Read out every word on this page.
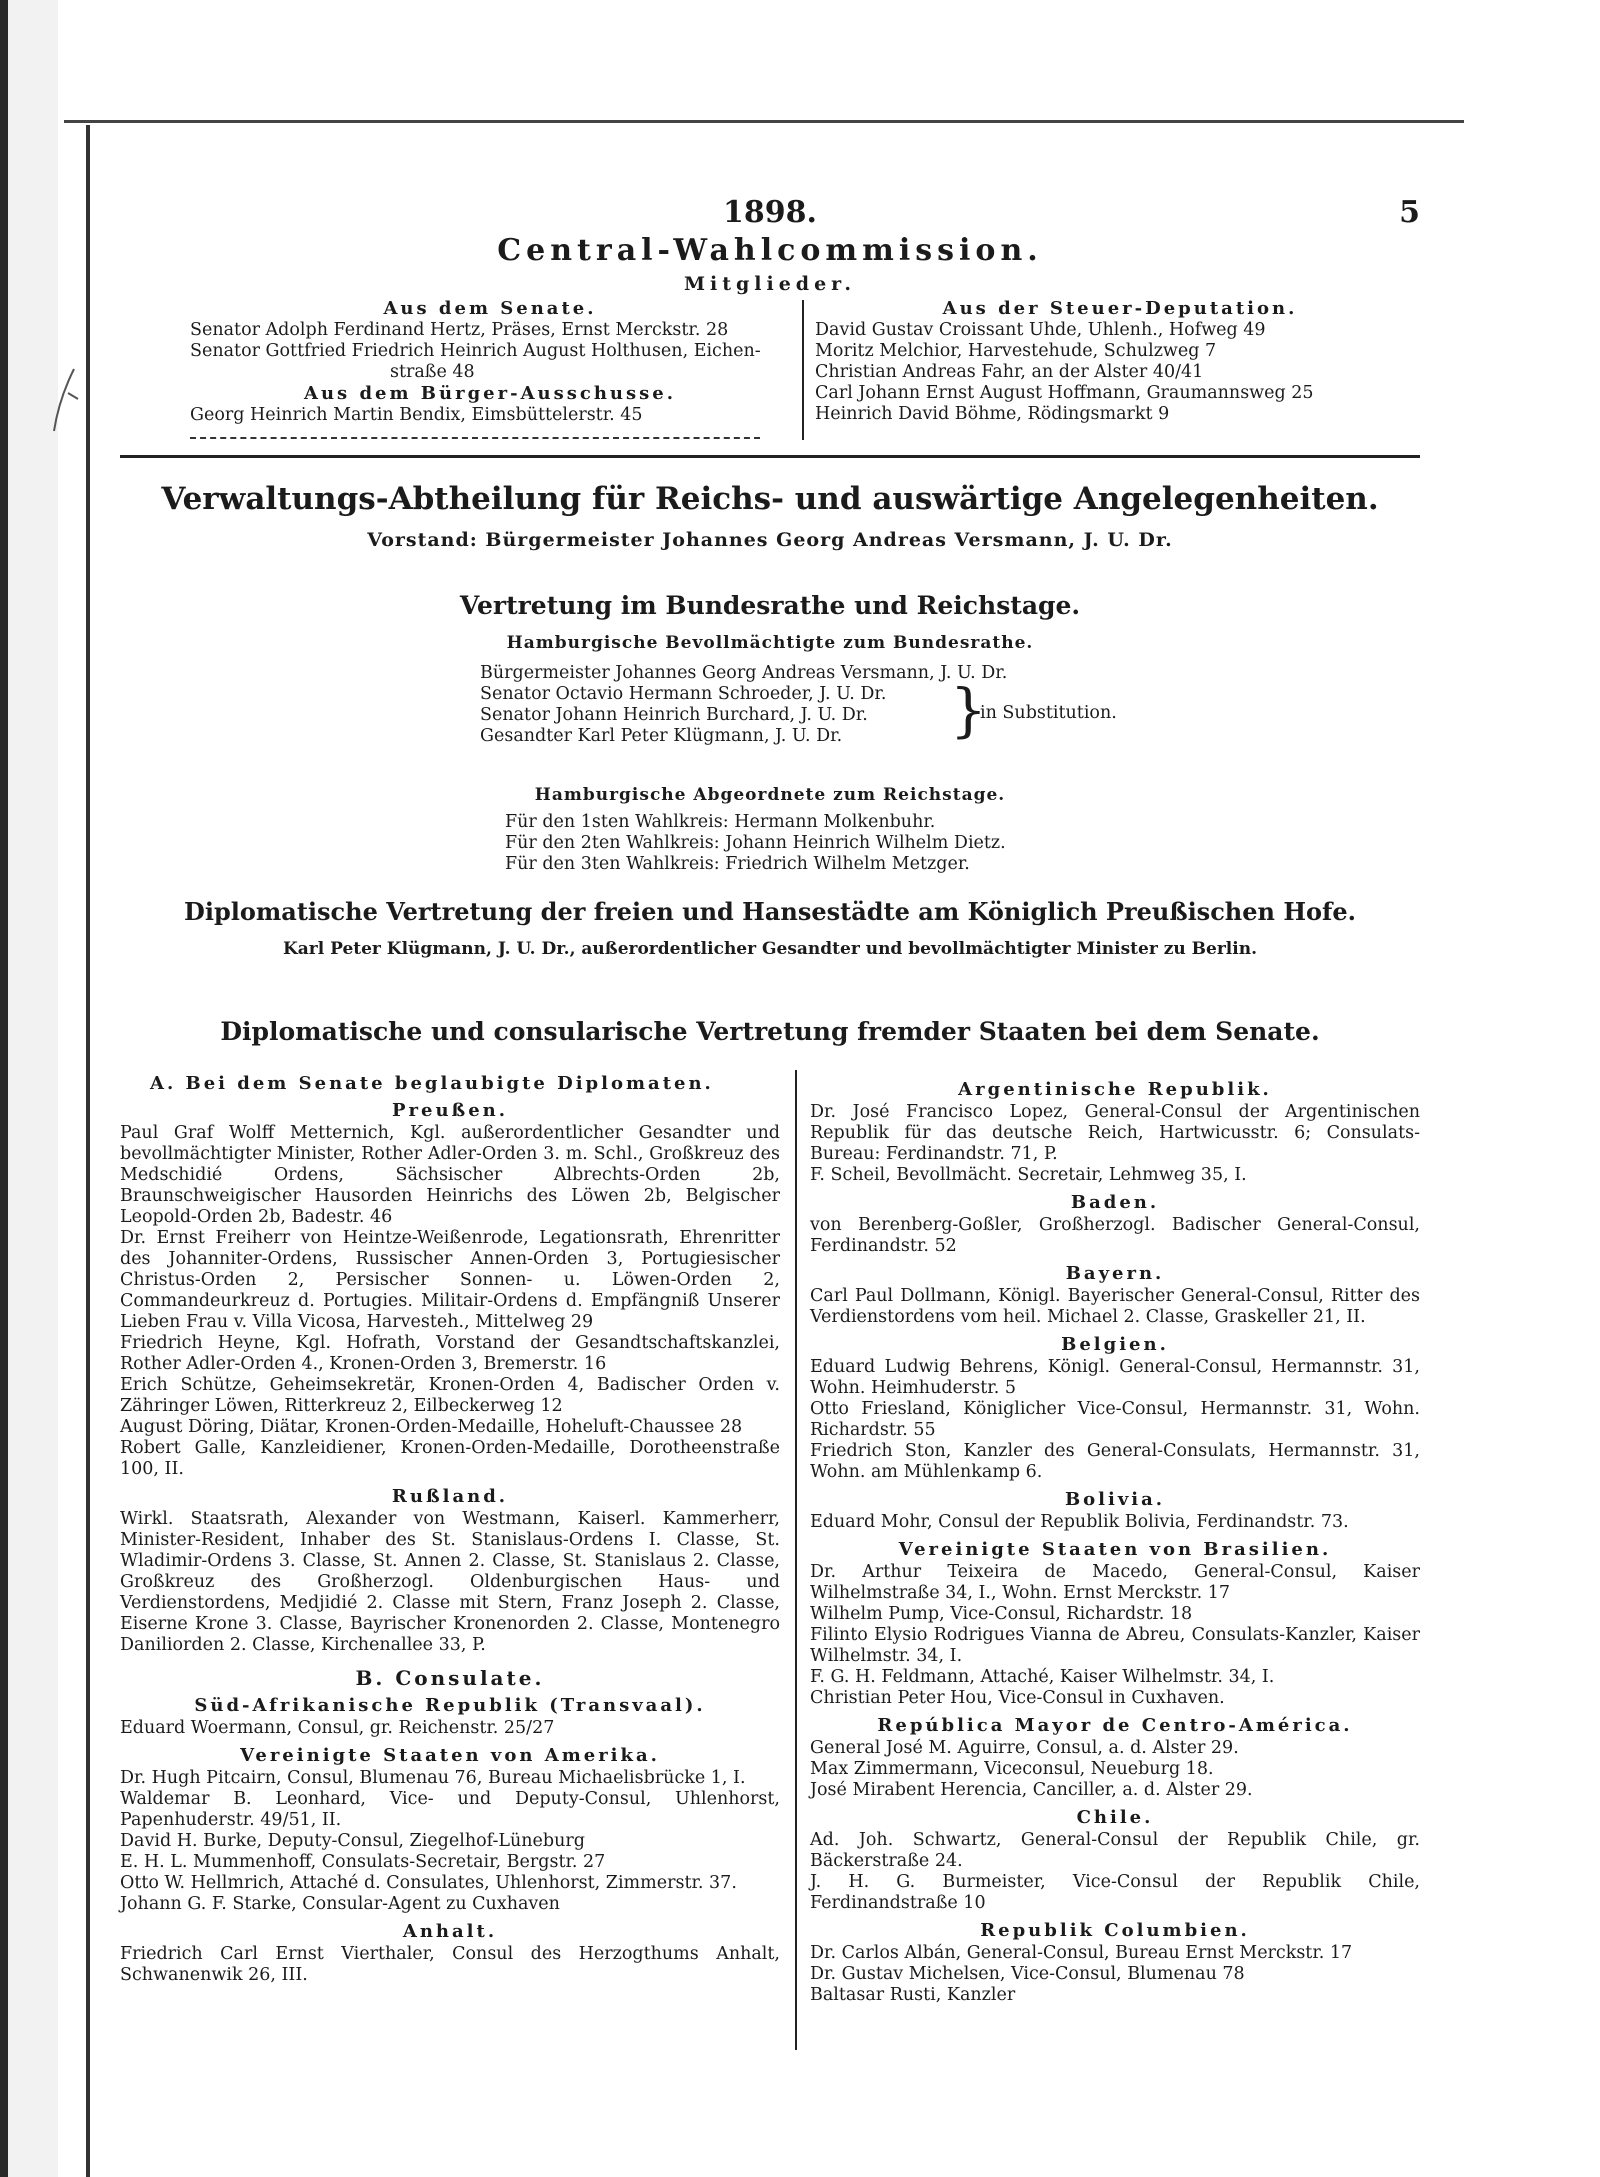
1898.	5
Central-Wahlcommission.
Mitglieder.
Aus dem Senate.
Senator Adolph Ferdinand Hertz, Präses, Ernst Merckstr. 28
Senator Gottfried Friedrich Heinrich August Holthusen, Eichen-
straße 48
Aus dem Bürger-Ausschusse.
Georg Heinrich Martin Bendix, Eimsbüttelerstr. 45
Aus der Steuer-Deputation.
David Gustav Croissant Uhde, Uhlenh., Hofweg 49
Moritz Melchior, Harvestehude, Schulzweg 7
Christian Andreas Fahr, an der Alster 40/41
Carl Johann Ernst August Hoffmann, Graumannsweg 25
Heinrich David Böhme, Rödingsmarkt 9
Verwaltungs-Abtheilung für Reichs- und auswärtige Angelegenheiten.
Vorstand: Bürgermeister Johannes Georg Andreas Versmann, J. U. Dr.
Vertretung im Bundesrathe und Reichstage.
Hamburgische Bevollmächtigte zum Bundesrathe.
Bürgermeister Johannes Georg Andreas Versmann, J. U. Dr.
Senator Octavio Hermann Schroeder, J. U. Dr.
Senator Johann Heinrich Burchard, J. U. Dr.
Gesandter Karl Peter Klügmann, J. U. Dr.	}
in Substitution.
Hamburgische Abgeordnete zum Reichstage.
Für den 1sten Wahlkreis: Hermann Molkenbuhr.
Für den 2ten Wahlkreis: Johann Heinrich Wilhelm Dietz.
Für den 3ten Wahlkreis: Friedrich Wilhelm Metzger.
Diplomatische Vertretung der freien und Hansestädte am Königlich Preußischen Hofe.
Karl Peter Klügmann, J. U. Dr., außerordentlicher Gesandter und bevollmächtigter Minister zu Berlin.
Diplomatische und consularische Vertretung fremder Staaten bei dem Senate.
A. Bei dem Senate beglaubigte Diplomaten.
Preußen.
Paul Graf Wolff Metternich, Kgl. außerordentlicher Gesandter und bevollmächtigter Minister, Rother Adler-Orden 3. m. Schl., Großkreuz des Medschidié Ordens, Sächsischer Albrechts-Orden 2b, Braunschweigischer Hausorden Heinrichs des Löwen 2b, Belgischer Leopold-Orden 2b, Badestr. 46
Dr. Ernst Freiherr von Heintze-Weißenrode, Legationsrath, Ehrenritter des Johanniter-Ordens, Russischer Annen-Orden 3, Portugiesischer Christus-Orden 2, Persischer Sonnen- u. Löwen-Orden 2, Commandeurkreuz d. Portugies. Militair-Ordens d. Empfängniß Unserer Lieben Frau v. Villa Vicosa, Harvesteh., Mittelweg 29
Friedrich Heyne, Kgl. Hofrath, Vorstand der Gesandtschaftskanzlei, Rother Adler-Orden 4., Kronen-Orden 3, Bremerstr. 16
Erich Schütze, Geheimsekretär, Kronen-Orden 4, Badischer Orden v. Zähringer Löwen, Ritterkreuz 2, Eilbeckerweg 12
August Döring, Diätar, Kronen-Orden-Medaille, Hoheluft-Chaussee 28
Robert Galle, Kanzleidiener, Kronen-Orden-Medaille, Dorotheenstraße 100, II.
Rußland.
Wirkl. Staatsrath, Alexander von Westmann, Kaiserl. Kammerherr, Minister-Resident, Inhaber des St. Stanislaus-Ordens I. Classe, St. Wladimir-Ordens 3. Classe, St. Annen 2. Classe, St. Stanislaus 2. Classe, Großkreuz des Großherzogl. Oldenburgischen Haus- und Verdienstordens, Medjidié 2. Classe mit Stern, Franz Joseph 2. Classe, Eiserne Krone 3. Classe, Bayrischer Kronenorden 2. Classe, Montenegro Daniliorden 2. Classe, Kirchenallee 33, P.
B. Consulate.
Süd-Afrikanische Republik (Transvaal).
Eduard Woermann, Consul, gr. Reichenstr. 25/27
Vereinigte Staaten von Amerika.
Dr. Hugh Pitcairn, Consul, Blumenau 76, Bureau Michaelisbrücke 1, I.
Waldemar B. Leonhard, Vice- und Deputy-Consul, Uhlenhorst, Papenhuderstr. 49/51, II.
David H. Burke, Deputy-Consul, Ziegelhof-Lüneburg
E. H. L. Mummenhoff, Consulats-Secretair, Bergstr. 27
Otto W. Hellmrich, Attaché d. Consulates, Uhlenhorst, Zimmerstr. 37.
Johann G. F. Starke, Consular-Agent zu Cuxhaven
Anhalt.
Friedrich Carl Ernst Vierthaler, Consul des Herzogthums Anhalt, Schwanenwik 26, III.
Argentinische Republik.
Dr. José Francisco Lopez, General-Consul der Argentinischen Republik für das deutsche Reich, Hartwicusstr. 6; Consulats-Bureau: Ferdinandstr. 71, P.
F. Scheil, Bevollmächt. Secretair, Lehmweg 35, I.
Baden.
von Berenberg-Goßler, Großherzogl. Badischer General-Consul, Ferdinandstr. 52
Bayern.
Carl Paul Dollmann, Königl. Bayerischer General-Consul, Ritter des Verdienstordens vom heil. Michael 2. Classe, Graskeller 21, II.
Belgien.
Eduard Ludwig Behrens, Königl. General-Consul, Hermannstr. 31, Wohn. Heimhuderstr. 5
Otto Friesland, Königlicher Vice-Consul, Hermannstr. 31, Wohn. Richardstr. 55
Friedrich Ston, Kanzler des General-Consulats, Hermannstr. 31, Wohn. am Mühlenkamp 6.
Bolivia.
Eduard Mohr, Consul der Republik Bolivia, Ferdinandstr. 73.
Vereinigte Staaten von Brasilien.
Dr. Arthur Teixeira de Macedo, General-Consul, Kaiser Wilhelmstraße 34, I., Wohn. Ernst Merckstr. 17
Wilhelm Pump, Vice-Consul, Richardstr. 18
Filinto Elysio Rodrigues Vianna de Abreu, Consulats-Kanzler, Kaiser Wilhelmstr. 34, I.
F. G. H. Feldmann, Attaché, Kaiser Wilhelmstr. 34, I.
Christian Peter Hou, Vice-Consul in Cuxhaven.
República Mayor de Centro-América.
General José M. Aguirre, Consul, a. d. Alster 29.
Max Zimmermann, Viceconsul, Neueburg 18.
José Mirabent Herencia, Canciller, a. d. Alster 29.
Chile.
Ad. Joh. Schwartz, General-Consul der Republik Chile, gr. Bäckerstraße 24.
J. H. G. Burmeister, Vice-Consul der Republik Chile, Ferdinandstraße 10
Republik Columbien.
Dr. Carlos Albán, General-Consul, Bureau Ernst Merckstr. 17
Dr. Gustav Michelsen, Vice-Consul, Blumenau 78
Baltasar Rusti, Kanzler
